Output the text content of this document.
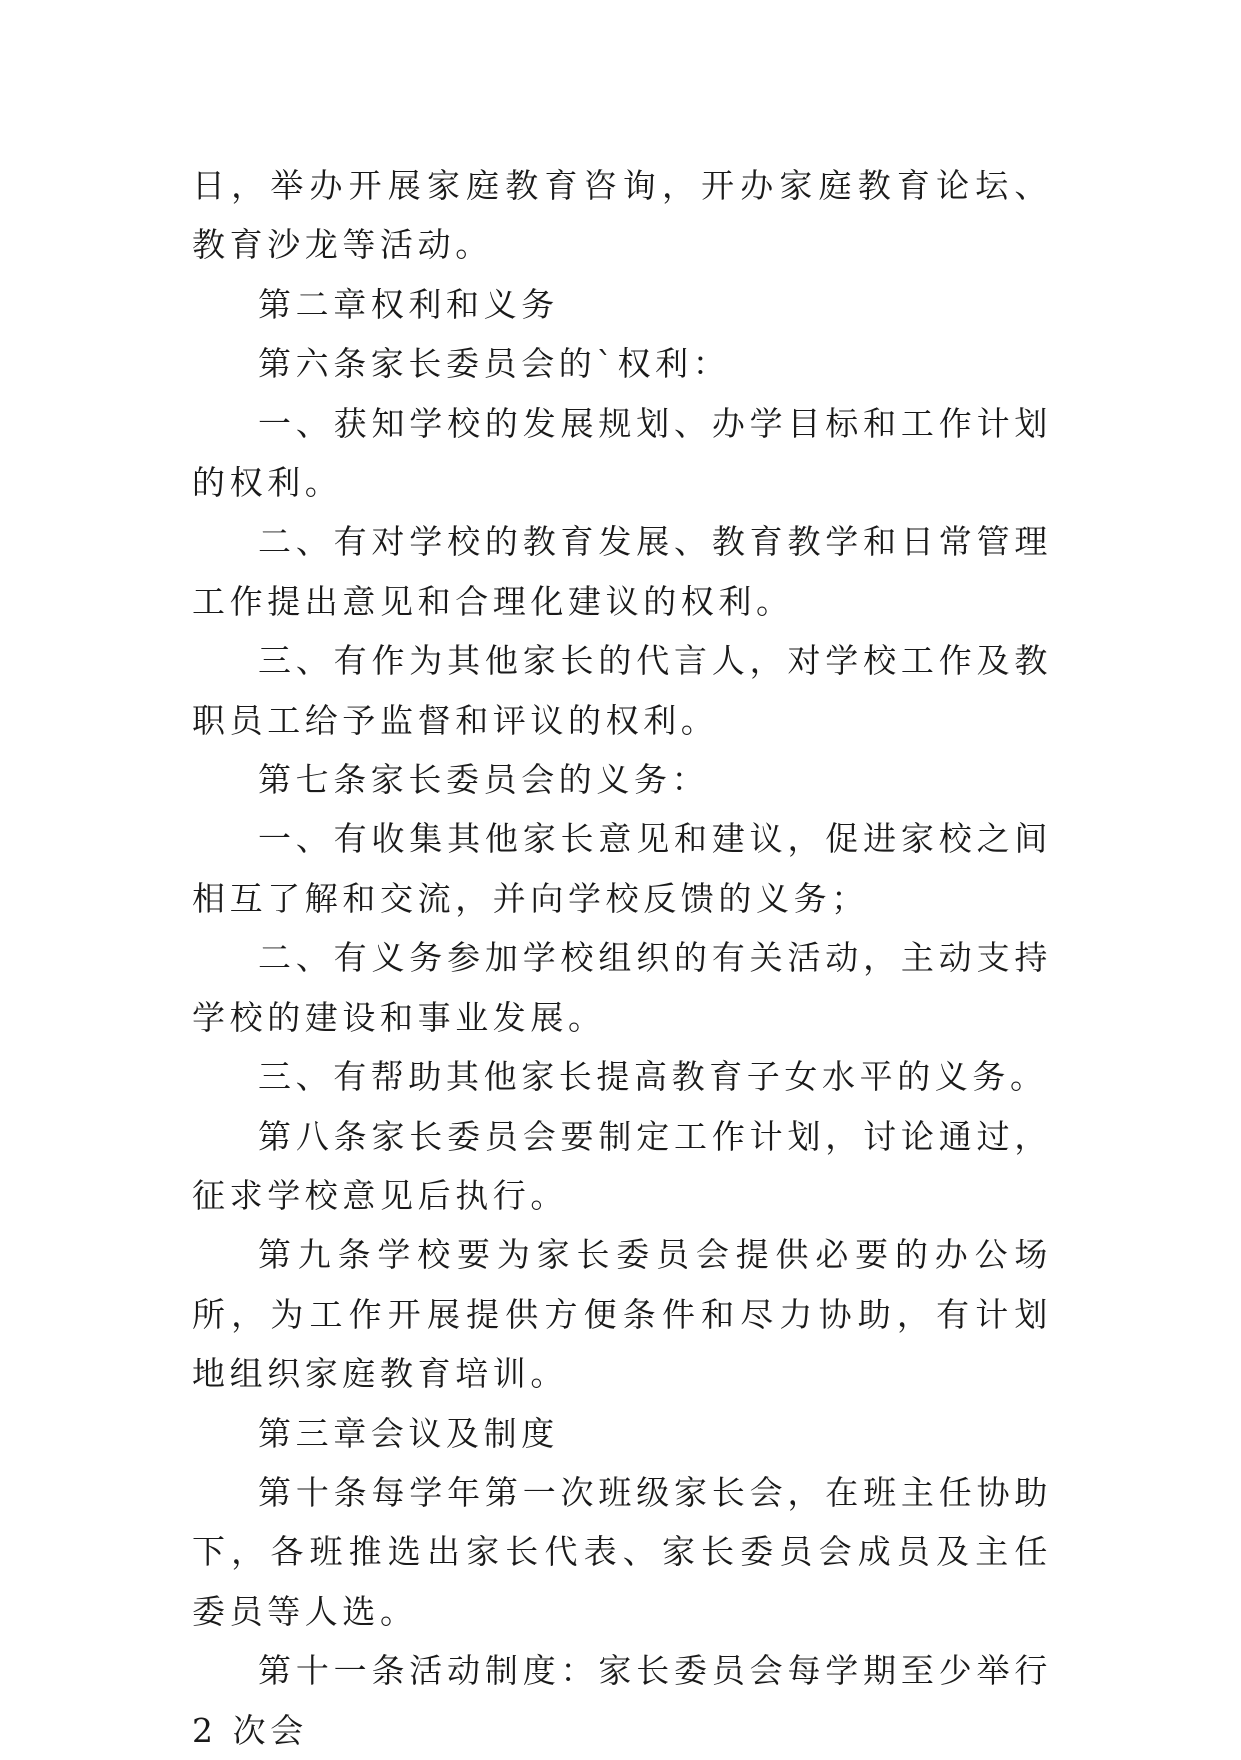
日，举办开展家庭教育咨询，开办家庭教育论坛、教育沙龙等活动。

第二章权利和义务

第六条家长委员会的`权利：

一、获知学校的发展规划、办学目标和工作计划的权利。

二、有对学校的教育发展、教育教学和日常管理工作提出意见和合理化建议的权利。

三、有作为其他家长的代言人，对学校工作及教职员工给予监督和评议的权利。

第七条家长委员会的义务：

一、有收集其他家长意见和建议，促进家校之间相互了解和交流，并向学校反馈的义务；

二、有义务参加学校组织的有关活动，主动支持学校的建设和事业发展。

三、有帮助其他家长提高教育子女水平的义务。

第八条家长委员会要制定工作计划，讨论通过，征求学校意见后执行。

第九条学校要为家长委员会提供必要的办公场所，为工作开展提供方便条件和尽力协助，有计划地组织家庭教育培训。

第三章会议及制度

第十条每学年第一次班级家长会，在班主任协助下，各班推选出家长代表、家长委员会成员及主任委员等人选。

第十一条活动制度：家长委员会每学期至少举行 2 次会
